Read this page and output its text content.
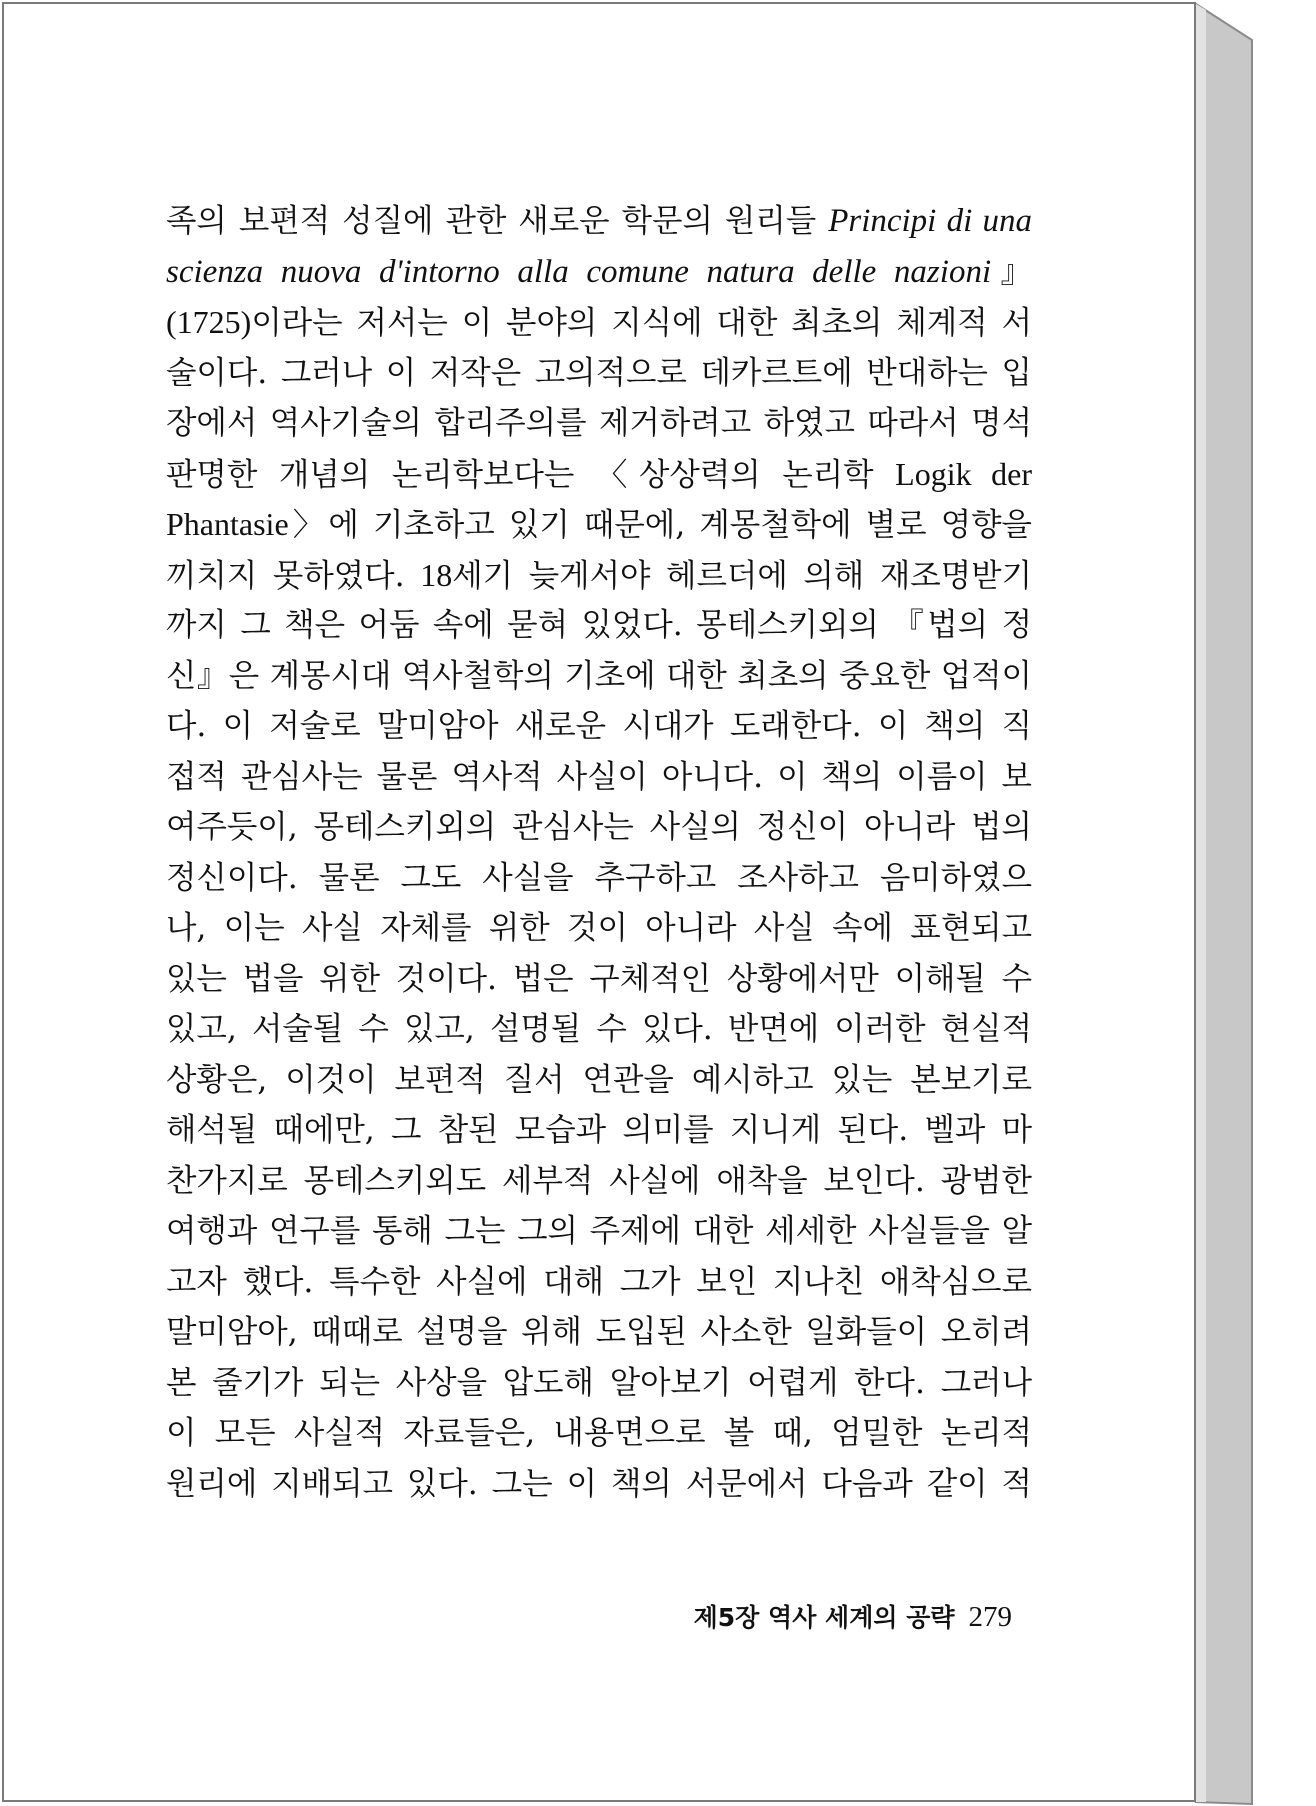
족의 보편적 성질에 관한 새로운 학문의 원리들 Principi di una
scienza nuova d'intorno alla comune natura delle nazioni』
(1725)이라는 저서는 이 분야의 지식에 대한 최초의 체계적 서
술이다. 그러나 이 저작은 고의적으로 데카르트에 반대하는 입
장에서 역사기술의 합리주의를 제거하려고 하였고 따라서 명석
판명한 개념의 논리학보다는 〈상상력의 논리학 Logik der
Phantasie〉에 기초하고 있기 때문에, 계몽철학에 별로 영향을
끼치지 못하였다. 18세기 늦게서야 헤르더에 의해 재조명받기
까지 그 책은 어둠 속에 묻혀 있었다. 몽테스키외의 『법의 정
신』은 계몽시대 역사철학의 기초에 대한 최초의 중요한 업적이
다. 이 저술로 말미암아 새로운 시대가 도래한다. 이 책의 직
접적 관심사는 물론 역사적 사실이 아니다. 이 책의 이름이 보
여주듯이, 몽테스키외의 관심사는 사실의 정신이 아니라 법의
정신이다. 물론 그도 사실을 추구하고 조사하고 음미하였으
나, 이는 사실 자체를 위한 것이 아니라 사실 속에 표현되고
있는 법을 위한 것이다. 법은 구체적인 상황에서만 이해될 수
있고, 서술될 수 있고, 설명될 수 있다. 반면에 이러한 현실적
상황은, 이것이 보편적 질서 연관을 예시하고 있는 본보기로
해석될 때에만, 그 참된 모습과 의미를 지니게 된다. 벨과 마
찬가지로 몽테스키외도 세부적 사실에 애착을 보인다. 광범한
여행과 연구를 통해 그는 그의 주제에 대한 세세한 사실들을 알
고자 했다. 특수한 사실에 대해 그가 보인 지나친 애착심으로
말미암아, 때때로 설명을 위해 도입된 사소한 일화들이 오히려
본 줄기가 되는 사상을 압도해 알아보기 어렵게 한다. 그러나
이 모든 사실적 자료들은, 내용면으로 볼 때, 엄밀한 논리적
원리에 지배되고 있다. 그는 이 책의 서문에서 다음과 같이 적
제5장 역사 세계의 공략 279
